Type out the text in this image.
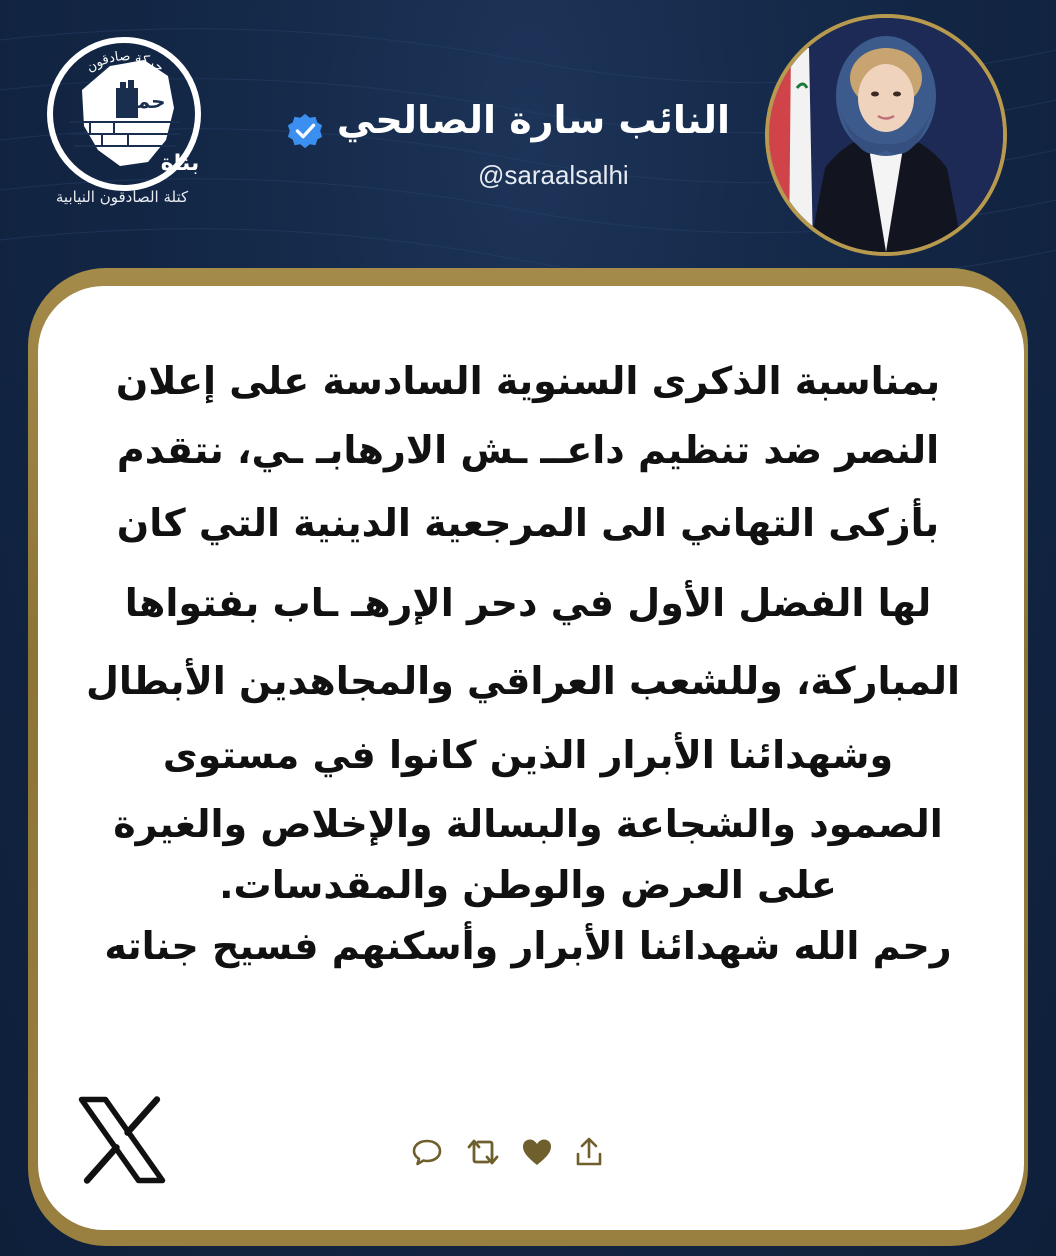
حركة صادقون
حماة
بناة
كتلة الصادقون النيابية
النائب سارة الصالحي
@saraalsalhi
بمناسبة الذكرى السنوية السادسة على إعلان
النصر ضد تنظيم داعــ ـش الارهابـ ـي، نتقدم
بأزكى التهاني الى المرجعية الدينية التي كان
لها الفضل الأول في دحر الإرهـ ـاب بفتواها
المباركة، وللشعب العراقي والمجاهدين الأبطال
وشهدائنا الأبرار الذين كانوا في مستوى
الصمود والشجاعة والبسالة والإخلاص والغيرة
على العرض والوطن والمقدسات.
رحم الله شهدائنا الأبرار وأسكنهم فسيح جناته
